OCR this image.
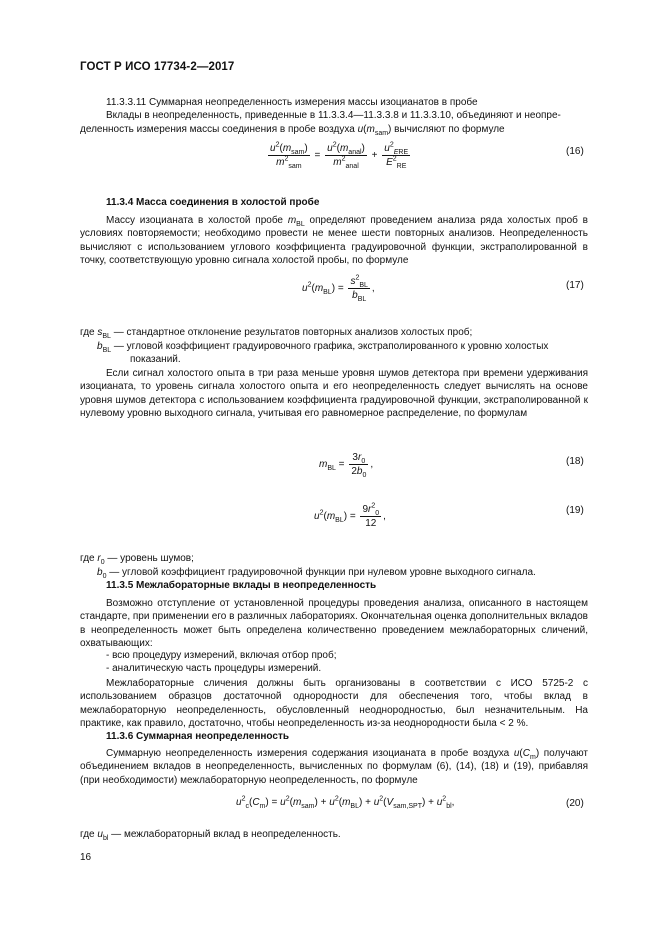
ГОСТ Р ИСО 17734-2—2017

11.3.3.11 Суммарная неопределенность измерения массы изоцианатов в пробе

Вклады в неопределенность, приведенные в 11.3.3.4—11.3.3.8 и 11.3.3.10, объединяют и неопре-

деленность измерения массы соединения в пробе воздуха $u(m_{sam})$ вычисляют по формуле

$\frac{u^2(m_{sam})}{m^2_{sam}} = \frac{u^2(m_{anal})}{m^2_{anal}} + \frac{u^2_{ERE}}{E^2_{RE}}$	(16)
11.3.4 Масса соединения в холостой пробе

Массу изоцианата в холостой пробе $m_{BL}$ определяют проведением анализа ряда холостых проб в условиях повторяемости; необходимо провести не менее шести повторных анализов. Неопределенность вычисляют с использованием углового коэффициента градуировочной функции, экстраполированной в точку, соответствующую уровню сигнала холостой пробы, по формуле

$u^2(m_{BL}) = \frac{s^2_{BL}}{b_{BL}}$ ,	(17)
где $s_{BL}$ — стандартное отклонение результатов повторных анализов холостых проб;
$b_{BL}$ — угловой коэффициент градуировочного графика, экстраполированного к уровню холостых
показаний.

Если сигнал холостого опыта в три раза меньше уровня шумов детектора при времени удерживания изоцианата, то уровень сигнала холостого опыта и его неопределенность следует вычислять на основе уровня шумов детектора с использованием коэффициента градуировочной функции, экстраполированной к нулевому уровню выходного сигнала, учитывая его равномерное распределение, по формулам

$m_{BL} = \frac{3r_0}{2b_0}$ ,	(18)
$u^2(m_{BL}) = \frac{9r^2_0}{12}$ ,
(19)
где $r_0$ — уровень шумов;
$b_0$ — угловой коэффициент градуировочной функции при нулевом уровне выходного сигнала.
11.3.5 Межлабораторные вклады в неопределенность

Возможно отступление от установленной процедуры проведения анализа, описанного в настоящем стандарте, при применении его в различных лабораториях. Окончательная оценка дополнительных вкладов в неопределенность может быть определена количественно проведением межлабораторных сличений, охватывающих:

- всю процедуру измерений, включая отбор проб;
- аналитическую часть процедуры измерений.

Межлабораторные сличения должны быть организованы в соответствии с ИСО 5725-2 с использованием образцов достаточной однородности для обеспечения того, чтобы вклад в межлабораторную неопределенность, обусловленный неоднородностью, был незначительным. На практике, как правило, достаточно, чтобы неопределенность из-за неоднородности была < 2 %.

11.3.6 Суммарная неопределенность

Суммарную неопределенность измерения содержания изоцианата в пробе воздуха $u(C_m)$ получают объединением вкладов в неопределенность, вычисленных по формулам (6), (14), (18) и (19), прибавляя (при необходимости) межлабораторную неопределенность, по формуле

$u^2_c(C_m) = u^2(m_{sam}) + u^2(m_{BL}) + u^2(V_{sam,SPT}) + u^2_{bl}$,	(20)
где $u_{bl}$ — межлабораторный вклад в неопределенность.
16
